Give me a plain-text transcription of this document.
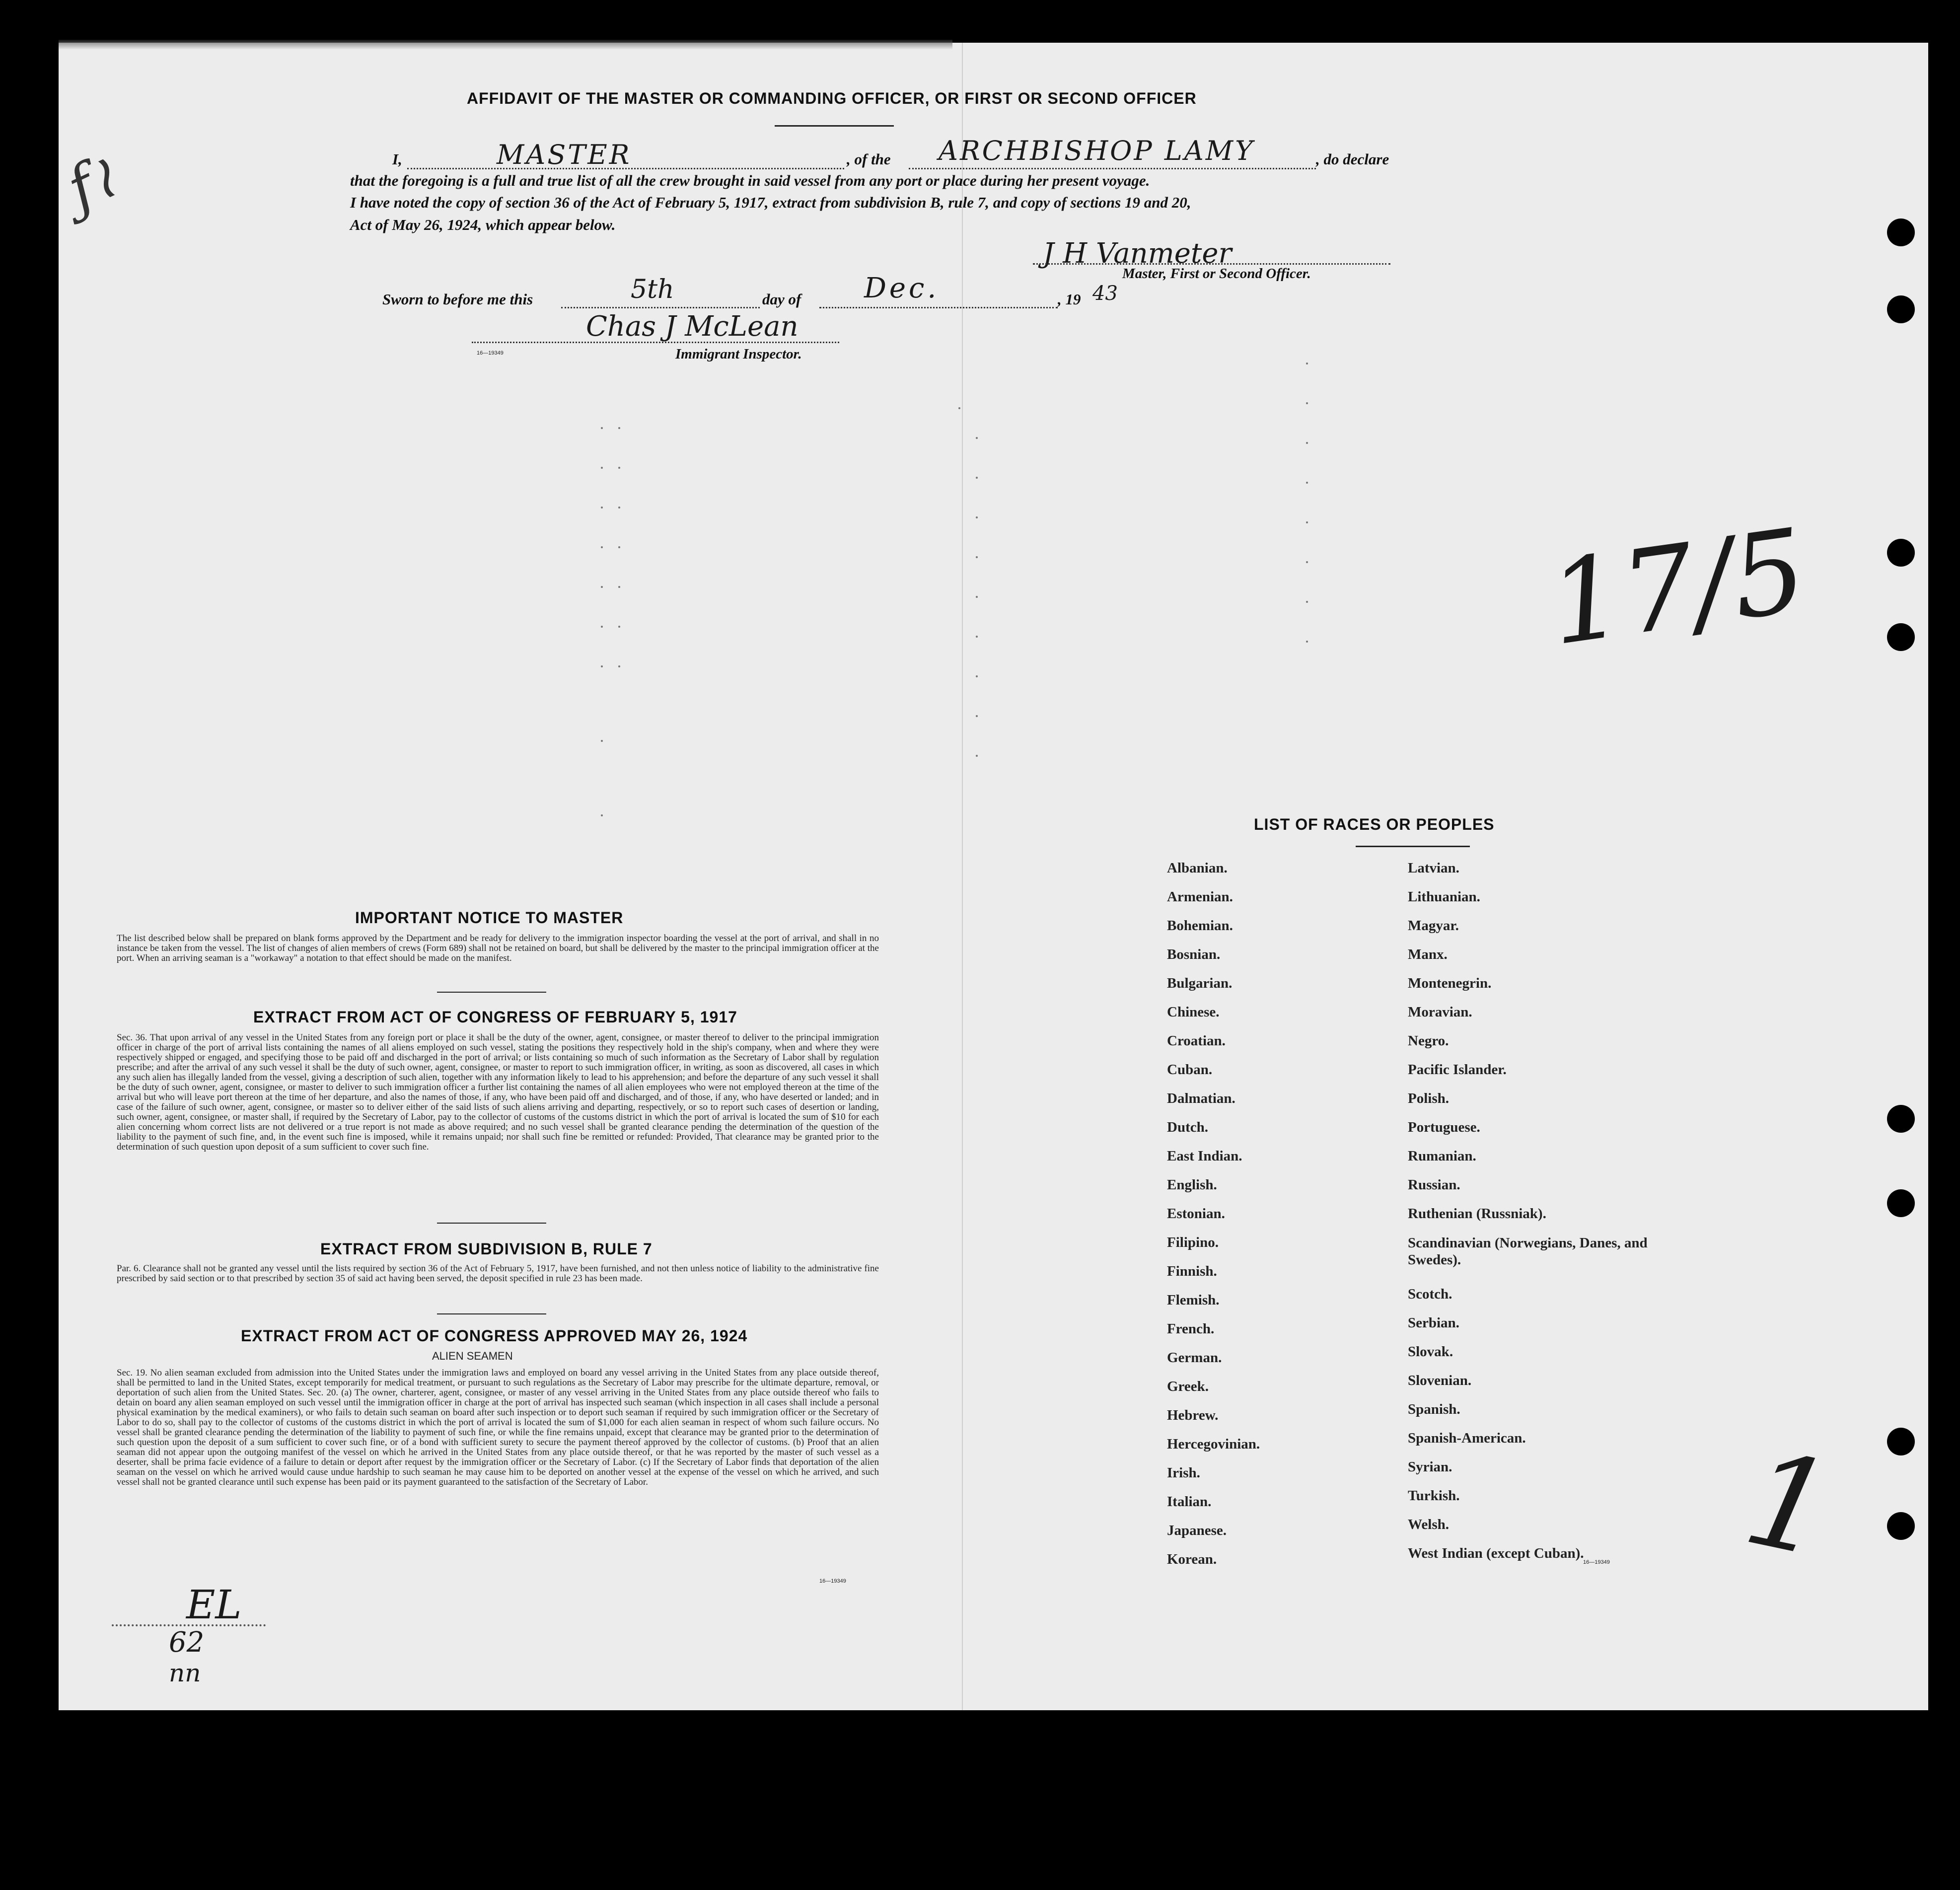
ƒ≀
AFFIDAVIT OF THE MASTER OR COMMANDING OFFICER, OR FIRST OR SECOND OFFICER
I,	MASTER	, of the ARCHBISHOP LAMY	, do declare
that the foregoing is a full and true list of all the crew brought in said vessel from any port or place during her present voyage.
I have noted the copy of section 36 of the Act of February 5, 1917, extract from subdivision B, rule 7, and copy of sections 19 and 20,
Act of May 26, 1924, which appear below.
J H Vanmeter
Master, First or Second Officer.
Sworn to before me this	5th	day of Dec.	, 19 43
Chas J McLean
16—19349	Immigrant Inspector.
17/5
IMPORTANT NOTICE TO MASTER
The list described below shall be prepared on blank forms approved by the Department and be ready for delivery to the immigration inspector boarding the vessel at the port of arrival, and shall in no instance be taken from the vessel. The list of changes of alien members of crews (Form 689) shall not be retained on board, but shall be delivered by the master to the principal immigration officer at the port. When an arriving seaman is a "workaway" a notation to that effect should be made on the manifest.
EXTRACT FROM ACT OF CONGRESS OF FEBRUARY 5, 1917
Sec. 36. That upon arrival of any vessel in the United States from any foreign port or place it shall be the duty of the owner, agent, consignee, or master thereof to deliver to the principal immigration officer in charge of the port of arrival lists containing the names of all aliens employed on such vessel, stating the positions they respectively hold in the ship's company, when and where they were respectively shipped or engaged, and specifying those to be paid off and discharged in the port of arrival; or lists containing so much of such information as the Secretary of Labor shall by regulation prescribe; and after the arrival of any such vessel it shall be the duty of such owner, agent, consignee, or master to report to such immigration officer, in writing, as soon as discovered, all cases in which any such alien has illegally landed from the vessel, giving a description of such alien, together with any information likely to lead to his apprehension; and before the departure of any such vessel it shall be the duty of such owner, agent, consignee, or master to deliver to such immigration officer a further list containing the names of all alien employees who were not employed thereon at the time of the arrival but who will leave port thereon at the time of her departure, and also the names of those, if any, who have been paid off and discharged, and of those, if any, who have deserted or landed; and in case of the failure of such owner, agent, consignee, or master so to deliver either of the said lists of such aliens arriving and departing, respectively, or so to report such cases of desertion or landing, such owner, agent, consignee, or master shall, if required by the Secretary of Labor, pay to the collector of customs of the customs district in which the port of arrival is located the sum of $10 for each alien concerning whom correct lists are not delivered or a true report is not made as above required; and no such vessel shall be granted clearance pending the determination of the question of the liability to the payment of such fine, and, in the event such fine is imposed, while it remains unpaid; nor shall such fine be remitted or refunded: Provided, That clearance may be granted prior to the determination of such question upon deposit of a sum sufficient to cover such fine.
EXTRACT FROM SUBDIVISION B, RULE 7
Par. 6. Clearance shall not be granted any vessel until the lists required by section 36 of the Act of February 5, 1917, have been furnished, and not then unless notice of liability to the administrative fine prescribed by said section or to that prescribed by section 35 of said act having been served, the deposit specified in rule 23 has been made.
EXTRACT FROM ACT OF CONGRESS APPROVED MAY 26, 1924
ALIEN SEAMEN
Sec. 19. No alien seaman excluded from admission into the United States under the immigration laws and employed on board any vessel arriving in the United States from any place outside thereof, shall be permitted to land in the United States, except temporarily for medical treatment, or pursuant to such regulations as the Secretary of Labor may prescribe for the ultimate departure, removal, or deportation of such alien from the United States. Sec. 20. (a) The owner, charterer, agent, consignee, or master of any vessel arriving in the United States from any place outside thereof who fails to detain on board any alien seaman employed on such vessel until the immigration officer in charge at the port of arrival has inspected such seaman (which inspection in all cases shall include a personal physical examination by the medical examiners), or who fails to detain such seaman on board after such inspection or to deport such seaman if required by such immigration officer or the Secretary of Labor to do so, shall pay to the collector of customs of the customs district in which the port of arrival is located the sum of $1,000 for each alien seaman in respect of whom such failure occurs. No vessel shall be granted clearance pending the determination of the liability to payment of such fine, or while the fine remains unpaid, except that clearance may be granted prior to the determination of such question upon the deposit of a sum sufficient to cover such fine, or of a bond with sufficient surety to secure the payment thereof approved by the collector of customs. (b) Proof that an alien seaman did not appear upon the outgoing manifest of the vessel on which he arrived in the United States from any place outside thereof, or that he was reported by the master of such vessel as a deserter, shall be prima facie evidence of a failure to detain or deport after request by the immigration officer or the Secretary of Labor. (c) If the Secretary of Labor finds that deportation of the alien seaman on the vessel on which he arrived would cause undue hardship to such seaman he may cause him to be deported on another vessel at the expense of the vessel on which he arrived, and such vessel shall not be granted clearance until such expense has been paid or its payment guaranteed to the satisfaction of the Secretary of Labor.
16—19349
EL
62
nn
1
LIST OF RACES OR PEOPLES
Albanian.
Armenian.
Bohemian.
Bosnian.
Bulgarian.
Chinese.
Croatian.
Cuban.
Dalmatian.
Dutch.
East Indian.
English.
Estonian.
Filipino.
Finnish.
Flemish.
French.
German.
Greek.
Hebrew.
Hercegovinian.
Irish.
Italian.
Japanese.
Korean.
Latvian.
Lithuanian.
Magyar.
Manx.
Montenegrin.
Moravian.
Negro.
Pacific Islander.
Polish.
Portuguese.
Rumanian.
Russian.
Ruthenian (Russniak).
Scandinavian (Norwegians, Danes, and Swedes).
Scotch.
Serbian.
Slovak.
Slovenian.
Spanish.
Spanish-American.
Syrian.
Turkish.
Welsh.
West Indian (except Cuban).
16—19349
